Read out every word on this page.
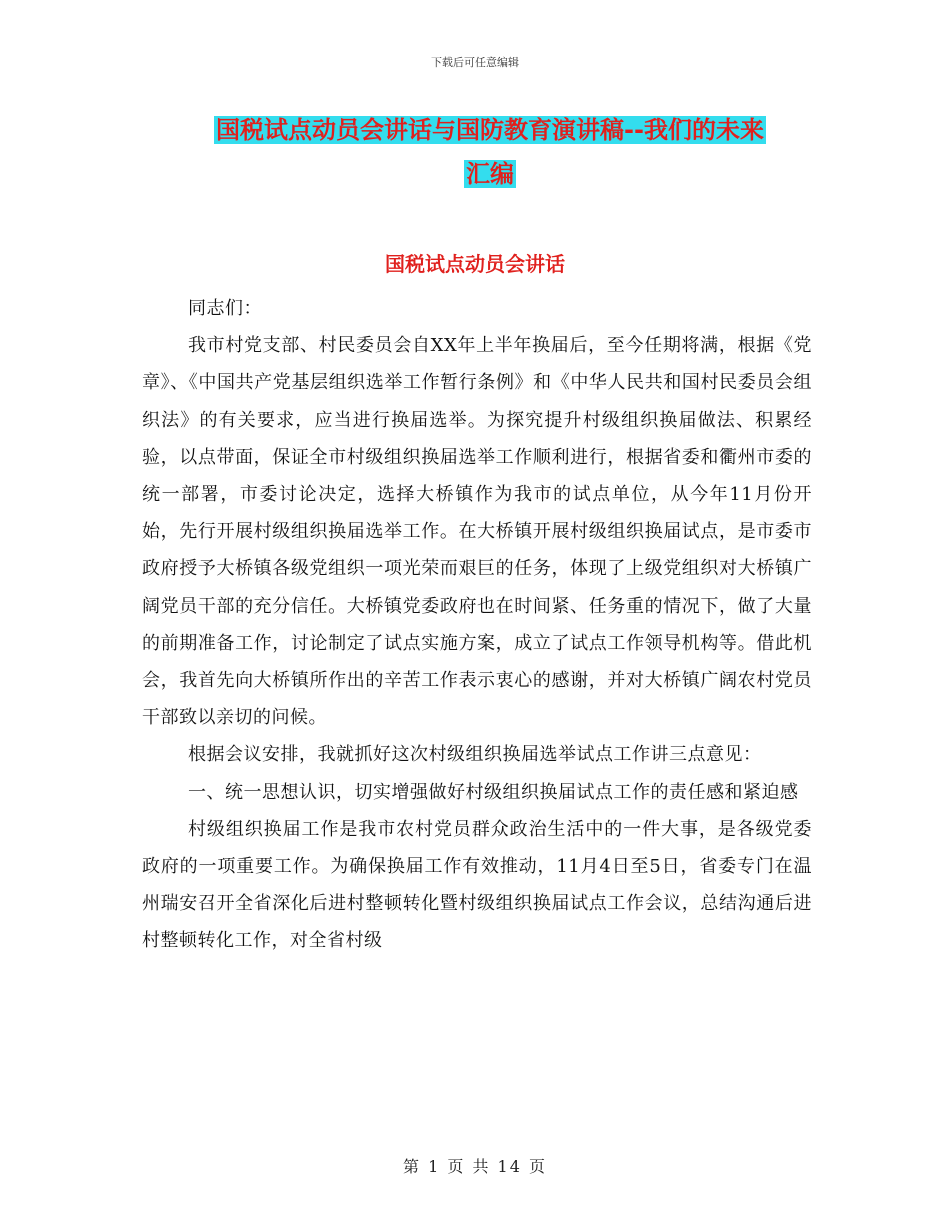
下载后可任意编辑
国税试点动员会讲话与国防教育演讲稿--我们的未来
汇编
国税试点动员会讲话

同志们：

我市村党支部、村民委员会自XX年上半年换届后，至今任期将满，根据《党章》、《中国共产党基层组织选举工作暂行条例》和《中华人民共和国村民委员会组织法》的有关要求，应当进行换届选举。为探究提升村级组织换届做法、积累经验，以点带面，保证全市村级组织换届选举工作顺利进行，根据省委和衢州市委的统一部署，市委讨论决定，选择大桥镇作为我市的试点单位，从今年11月份开始，先行开展村级组织换届选举工作。在大桥镇开展村级组织换届试点，是市委市政府授予大桥镇各级党组织一项光荣而艰巨的任务，体现了上级党组织对大桥镇广阔党员干部的充分信任。大桥镇党委政府也在时间紧、任务重的情况下，做了大量的前期准备工作，讨论制定了试点实施方案，成立了试点工作领导机构等。借此机会，我首先向大桥镇所作出的辛苦工作表示衷心的感谢，并对大桥镇广阔农村党员干部致以亲切的问候。

根据会议安排，我就抓好这次村级组织换届选举试点工作讲三点意见：

一、统一思想认识，切实增强做好村级组织换届试点工作的责任感和紧迫感

村级组织换届工作是我市农村党员群众政治生活中的一件大事，是各级党委政府的一项重要工作。为确保换届工作有效推动，11月4日至5日，省委专门在温州瑞安召开全省深化后进村整顿转化暨村级组织换届试点工作会议，总结沟通后进村整顿转化工作，对全省村级

第 1 页 共 14 页
